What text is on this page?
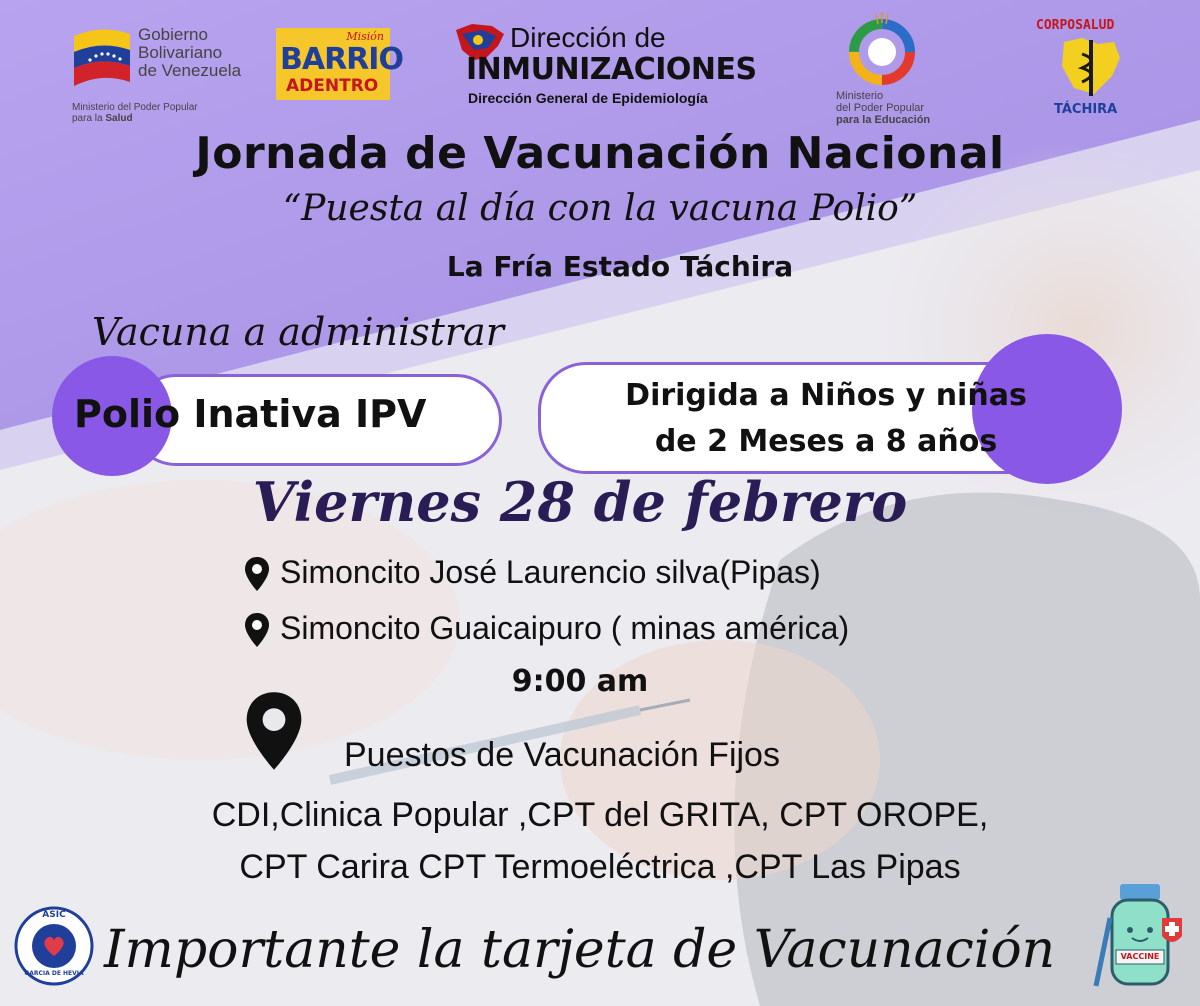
Gobierno
Bolivariano
de Venezuela
Ministerio del Poder Popular
para la Salud
Misión
BARRIO
ADENTRO
Dirección de
INMUNIZACIONES
Dirección General de Epidemiología	Ministerio
del Poder Popular
para la Educación
CORPOSALUD
TÁCHIRA
Jornada de Vacunación Nacional
“Puesta al día con la vacuna Polio”
La Fría Estado Táchira
Vacuna a administrar
Polio Inativa IPV	Dirigida a Niños y niñas
de 2 Meses a 8 años
Viernes 28 de febrero
Simoncito José Laurencio silva(Pipas)
Simoncito Guaicaipuro ( minas américa)
9:00 am
Puestos de Vacunación Fijos
CDI,Clinica Popular ,CPT del GRITA, CPT OROPE,
CPT Carira CPT Termoeléctrica ,CPT Las Pipas
ASIC
GARCIA DE HEVIA Importante la tarjeta de Vacunación	VACCINE
